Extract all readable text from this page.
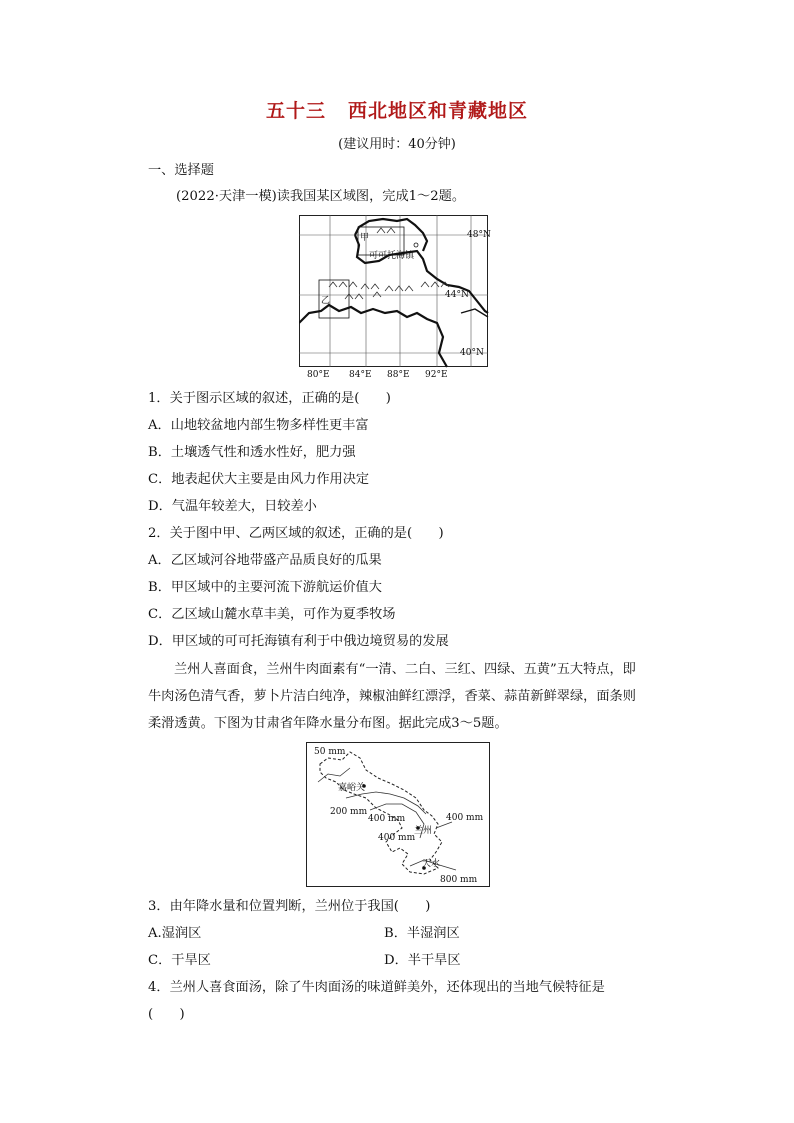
五十三 西北地区和青藏地区
(建议用时：40分钟)
一、选择题
(2022·天津一模)读我国某区域图，完成1～2题。
甲
乙
可可托海镇
48°N
44°N
40°N
80°E 84°E 88°E 92°E
1．关于图示区域的叙述，正确的是(　　)
A．山地较盆地内部生物多样性更丰富
B．土壤透气性和透水性好，肥力强
C．地表起伏大主要是由风力作用决定
D．气温年较差大，日较差小
2．关于图中甲、乙两区域的叙述，正确的是(　　)
A．乙区域河谷地带盛产品质良好的瓜果
B．甲区域中的主要河流下游航运价值大
C．乙区域山麓水草丰美，可作为夏季牧场
D．甲区域的可可托海镇有利于中俄边境贸易的发展
兰州人喜面食，兰州牛肉面素有“一清、二白、三红、四绿、五黄”五大特点，即牛肉汤色清气香，萝卜片洁白纯净，辣椒油鲜红漂浮，香菜、蒜苗新鲜翠绿，面条则柔滑透黄。下图为甘肃省年降水量分布图。据此完成3～5题。
50 mm
嘉峪关
200 mm
400 mm
兰州
400 mm
400 mm
天水
800 mm
3．由年降水量和位置判断，兰州位于我国(　　)
A.湿润区	B．半湿润区
C．干旱区	D．半干旱区
4．兰州人喜食面汤，除了牛肉面汤的味道鲜美外，还体现出的当地气候特征是
(　　)
